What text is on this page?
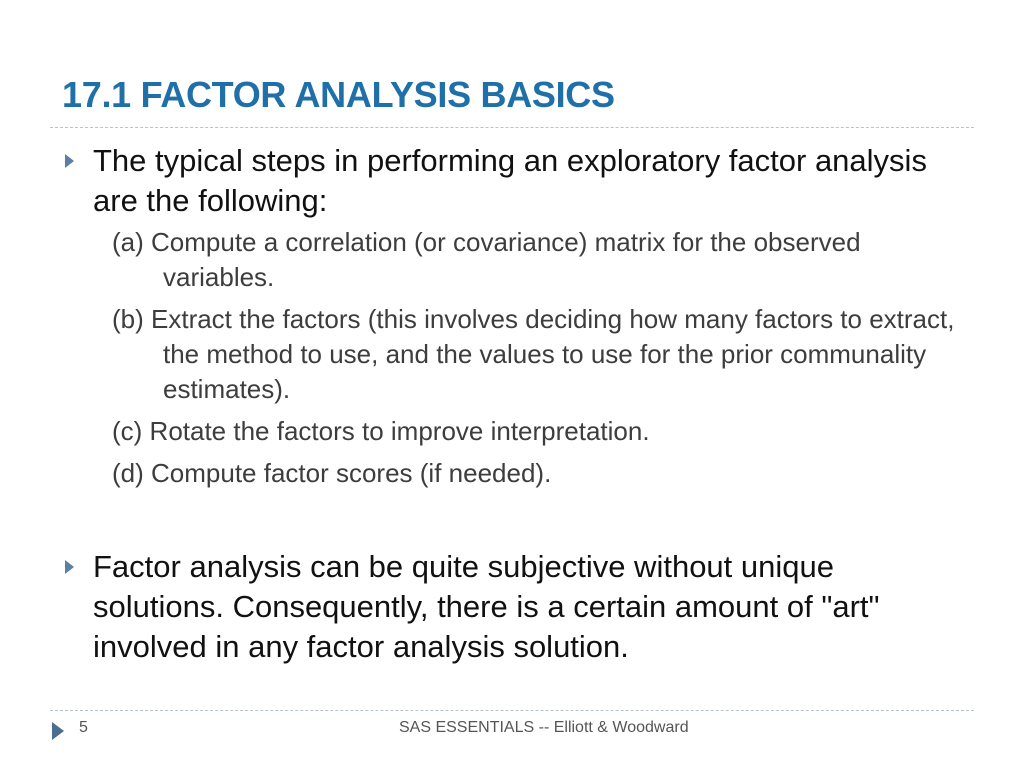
17.1 FACTOR ANALYSIS BASICS
The typical steps in performing an exploratory factor analysis are the following:
(a) Compute a correlation (or covariance) matrix for the observed variables.
(b) Extract the factors (this involves deciding how many factors to extract, the method to use, and the values to use for the prior communality estimates).
(c) Rotate the factors to improve interpretation.
(d) Compute factor scores (if needed).
Factor analysis can be quite subjective without unique solutions. Consequently, there is a certain amount of "art" involved in any factor analysis solution.
5	SAS ESSENTIALS -- Elliott & Woodward
